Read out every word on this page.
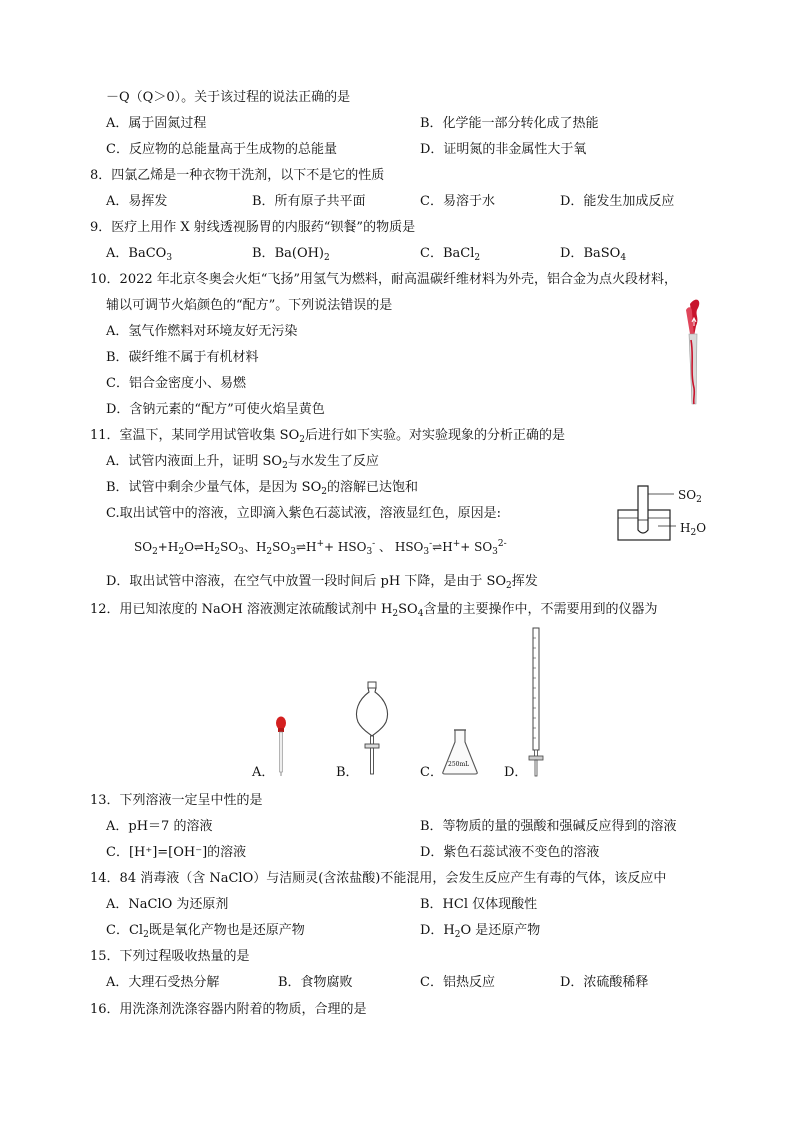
－Q（Q＞0）。关于该过程的说法正确的是
A．属于固氮过程	B．化学能一部分转化成了热能
C．反应物的总能量高于生成物的总能量	D．证明氮的非金属性大于氧
8．四氯乙烯是一种衣物干洗剂，以下不是它的性质
A．易挥发	B．所有原子共平面	C．易溶于水	D．能发生加成反应
9．医疗上用作 X 射线透视肠胃的内服药“钡餐”的物质是
A．BaCO$_3$	B．$Ba(OH)_2$	C．BaCl$_2$	D．BaSO$_4$
10．2022 年北京冬奥会火炬“飞扬”用氢气为燃料，耐高温碳纤维材料为外壳，铝合金为点火段材料，
辅以可调节火焰颜色的“配方”。下列说法错误的是
A．氢气作燃料对环境友好无污染
B．碳纤维不属于有机材料
C．铝合金密度小、易燃
D．含钠元素的“配方”可使火焰呈黄色
11．室温下，某同学用试管收集 $SO_2$后进行如下实验。对实验现象的分析正确的是
A．试管内液面上升，证明 $SO_2$与水发生了反应
B．试管中剩余少量气体，是因为 $SO_2$的溶解已达饱和
C.取出试管中的溶液，立即滴入紫色石蕊试液，溶液显红色，原因是:
$SO_2+H_2O\rightleftharpoons H_2SO_3$、$H_2SO_3\rightleftharpoons H^++ HSO_3^-$ 、 $HSO_3^-\rightleftharpoons H^++ SO_3^{2-}$
D．取出试管中溶液，在空气中放置一段时间后 pH 下降，是由于 $SO_2$挥发
$SO_2$
$H_2O$
12．用已知浓度的 NaOH 溶液测定浓硫酸试剂中 $H_2SO_4$含量的主要操作中，不需要用到的仪器为
A．	B．
250mL
C．	D．
13．下列溶液一定呈中性的是
A．pH＝7 的溶液	B．等物质的量的强酸和强碱反应得到的溶液
C．[H⁺]=[OH⁻]的溶液	D．紫色石蕊试液不变色的溶液
14．84 消毒液（含 NaClO）与洁厕灵(含浓盐酸)不能混用，会发生反应产生有毒的气体，该反应中
A．NaClO 为还原剂	B．HCl 仅体现酸性
C．$Cl_2$既是氧化产物也是还原产物	D．$H_2O$ 是还原产物
15．下列过程吸收热量的是
A．大理石受热分解	B．食物腐败	C．铝热反应	D．浓硫酸稀释
16．用洗涤剂洗涤容器内附着的物质，合理的是
